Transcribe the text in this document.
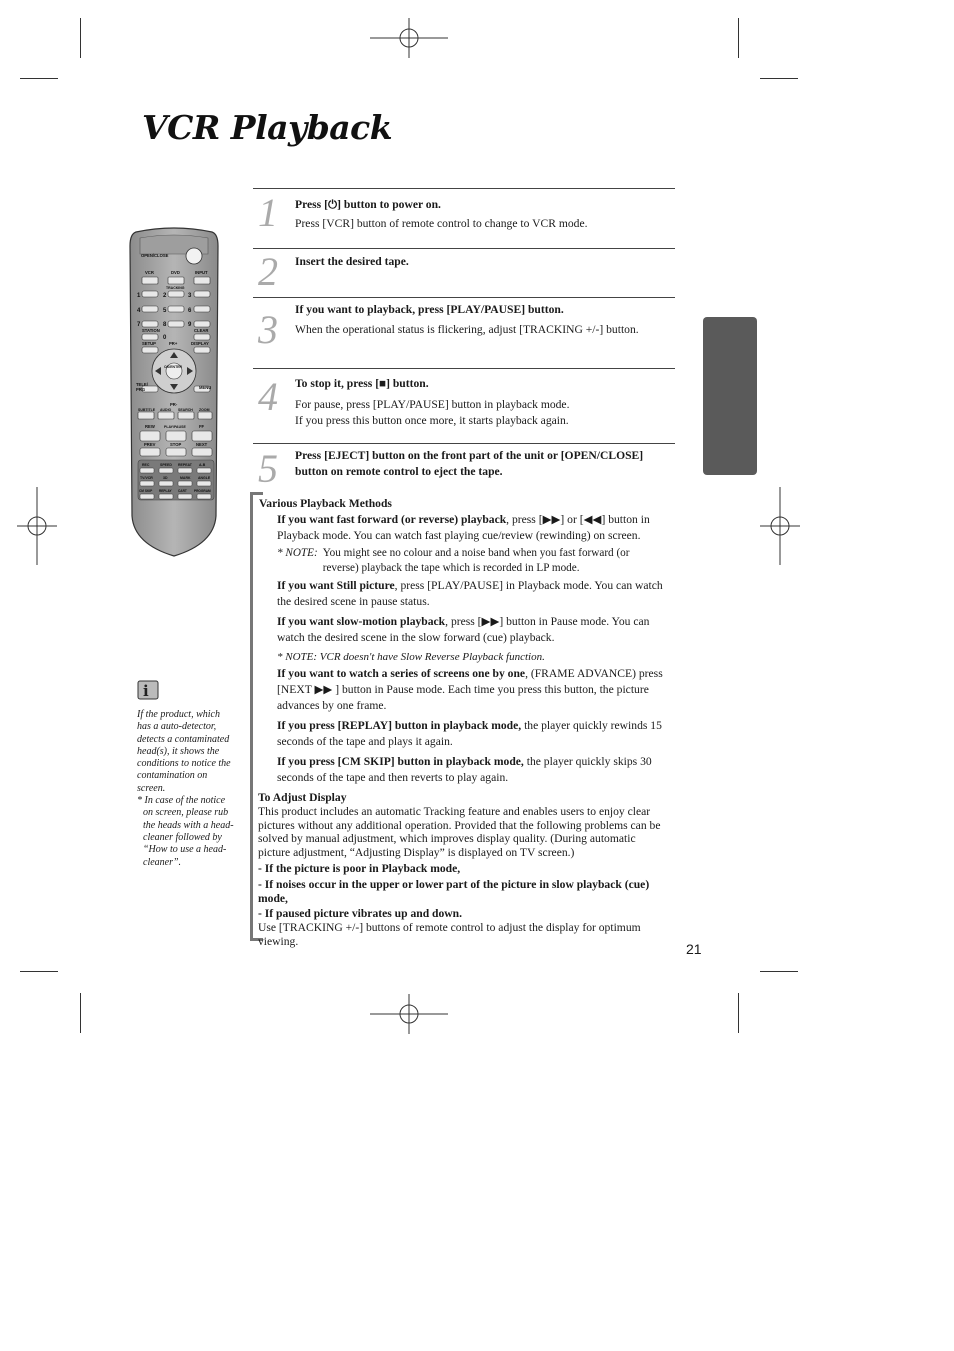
VCR Playback
OPEN/CLOSE
VCR	DVD	INPUT
TRACKING
1	2	3
4	5	6
7	8	9
0
STATION	CLEAR
SETUP	PR+	DISPLAY
OK/ENTER
TELE/
PRG	MENU
PR-
SUBTITLE AUDIO SEARCH ZOOM
REW	PLAY/PAUSE	FF
PREV	STOP	NEXT
REC	SPEED REPEAT A-B
TV/VCR	3D	MARK ANGLE
CM SKIP REPLAY CART PROGRAM
i
If the product, which
has a auto-detector,
detects a contaminated
head(s), it shows the
conditions to notice the
contamination on
screen.
* In case of the notice
on screen, please rub
the heads with a head-
cleaner followed by
“How to use a head-
cleaner”.
1 Press [⏻] button to power on.
Press [VCR] button of remote control to change to VCR mode.
2 Insert the desired tape.
3 If you want to playback, press [PLAY/PAUSE] button.
When the operational status is flickering, adjust [TRACKING +/-] button.
4 To stop it, press [■] button.
For pause, press [PLAY/PAUSE] button in playback mode.
If you press this button once more, it starts playback again.
5 Press [EJECT] button on the front part of the unit or [OPEN/CLOSE]
button on remote control to eject the tape.
Various Playback Methods
If you want fast forward (or reverse) playback, press [▶▶] or [◀◀] button in
Playback mode. You can watch fast playing cue/review (rewinding) on screen.
* NOTE: You might see no colour and a noise band when you fast forward (or
reverse) playback the tape which is recorded in LP mode.
If you want Still picture, press [PLAY/PAUSE] in Playback mode. You can watch
the desired scene in pause status.
If you want slow-motion playback, press [▶▶] button in Pause mode. You can
watch the desired scene in the slow forward (cue) playback.
* NOTE: VCR doesn't have Slow Reverse Playback function.
If you want to watch a series of screens one by one, (FRAME ADVANCE) press
[NEXT ▶▶ ] button in Pause mode. Each time you press this button, the picture
advances by one frame.
If you press [REPLAY] button in playback mode, the player quickly rewinds 15
seconds of the tape and plays it again.
If you press [CM SKIP] button in playback mode, the player quickly skips 30
seconds of the tape and then reverts to play again.
To Adjust Display
This product includes an automatic Tracking feature and enables users to enjoy clear
pictures without any additional operation. Provided that the following problems can be
solved by manual adjustment, which improves display quality. (During automatic
picture adjustment, “Adjusting Display” is displayed on TV screen.)
- If the picture is poor in Playback mode,
- If noises occur in the upper or lower part of the picture in slow playback (cue) mode,
- If paused picture vibrates up and down.
Use [TRACKING +/-] buttons of remote control to adjust the display for optimum
viewing.	21
